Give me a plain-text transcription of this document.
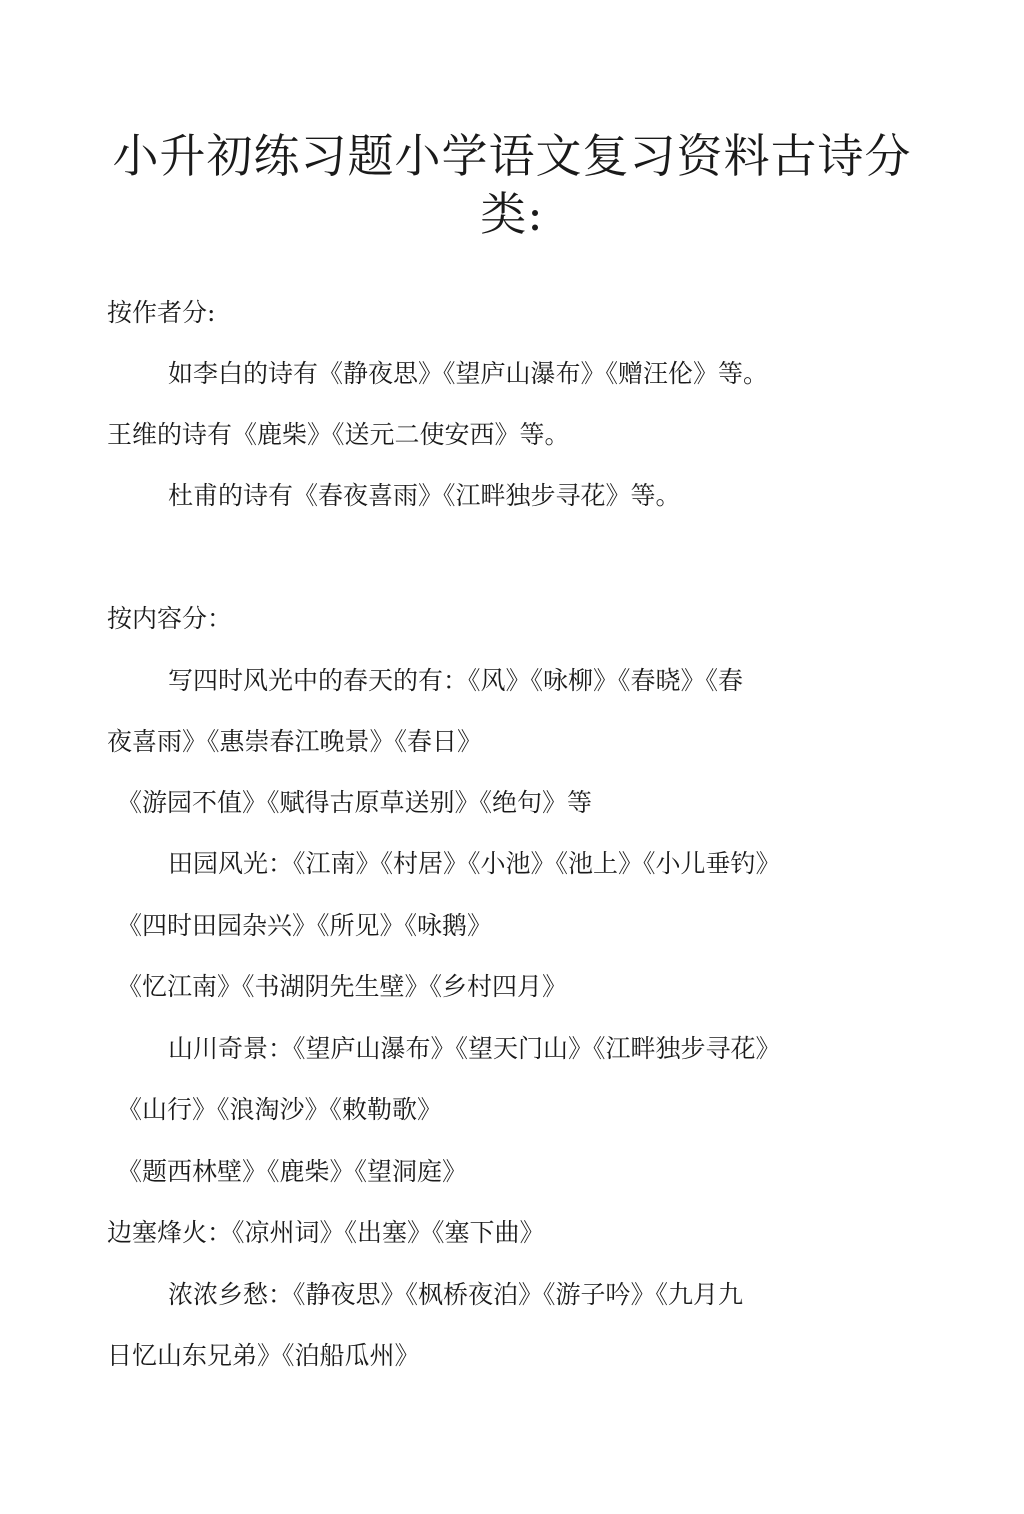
小升初练习题小学语文复习资料古诗分
类:
按作者分:
如李白的诗有《静夜思》《望庐山瀑布》《赠汪伦》等。
王维的诗有《鹿柴》《送元二使安西》等。
杜甫的诗有《春夜喜雨》《江畔独步寻花》等。
按内容分：
写四时风光中的春天的有：《风》《咏柳》《春晓》《春
夜喜雨》《惠崇春江晚景》《春日》
《游园不值》《赋得古原草送别》《绝句》等
田园风光：《江南》《村居》《小池》《池上》《小儿垂钓》
《四时田园杂兴》《所见》《咏鹅》
《忆江南》《书湖阴先生壁》《乡村四月》
山川奇景：《望庐山瀑布》《望天门山》《江畔独步寻花》
《山行》《浪淘沙》《敕勒歌》
《题西林壁》《鹿柴》《望洞庭》
边塞烽火：《凉州词》《出塞》《塞下曲》
浓浓乡愁：《静夜思》《枫桥夜泊》《游子吟》《九月九
日忆山东兄弟》《泊船瓜州》
